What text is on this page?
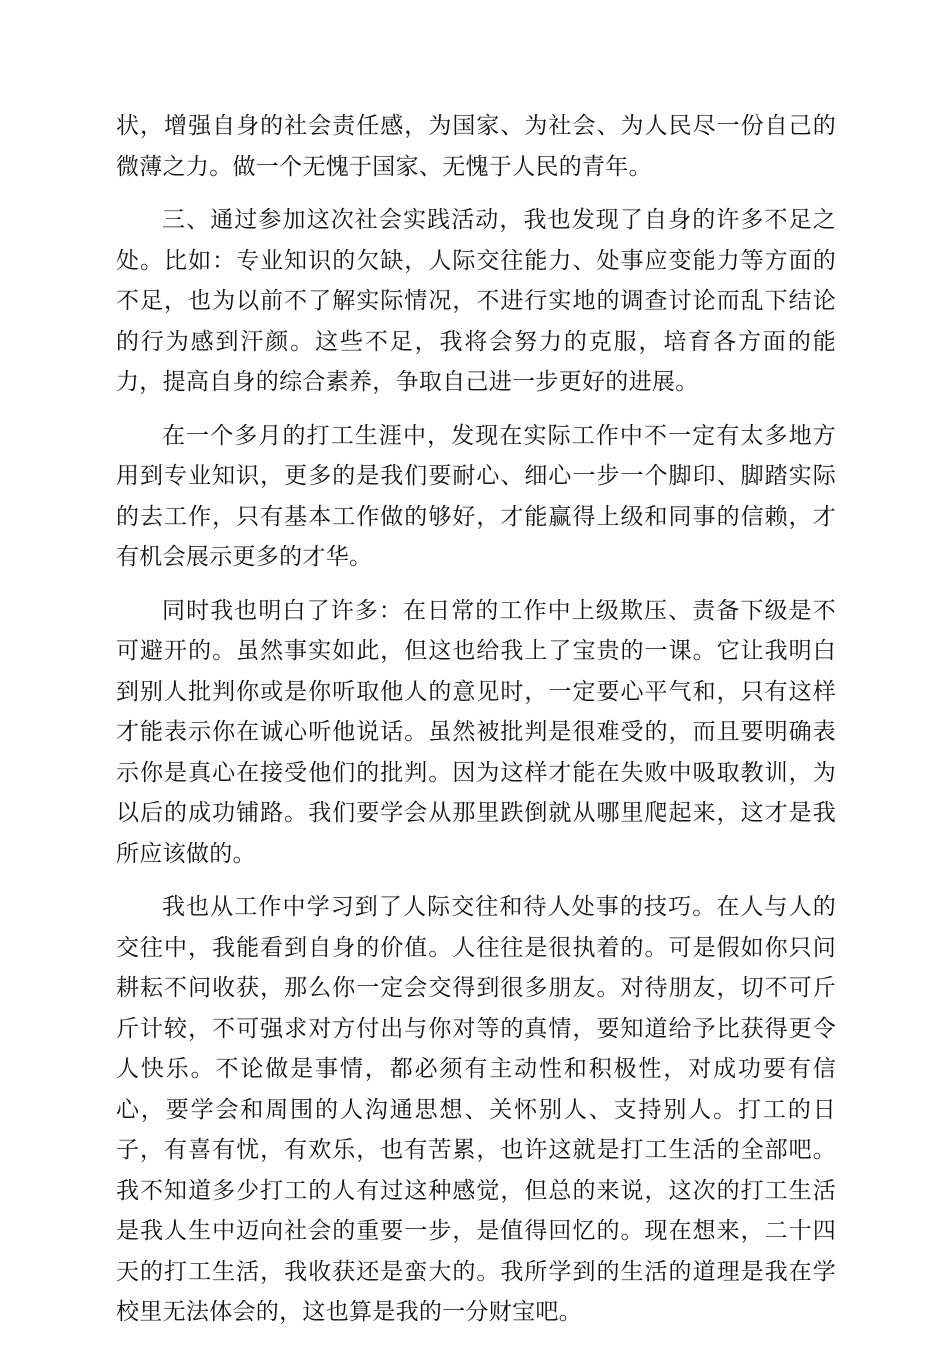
状，增强自身的社会责任感，为国家、为社会、为人民尽一份自己的微薄之力。做一个无愧于国家、无愧于人民的青年。

三、通过参加这次社会实践活动，我也发现了自身的许多不足之处。比如：专业知识的欠缺，人际交往能力、处事应变能力等方面的不足，也为以前不了解实际情况，不进行实地的调查讨论而乱下结论的行为感到汗颜。这些不足，我将会努力的克服，培育各方面的能力，提高自身的综合素养，争取自己进一步更好的进展。

在一个多月的打工生涯中，发现在实际工作中不一定有太多地方用到专业知识，更多的是我们要耐心、细心一步一个脚印、脚踏实际的去工作，只有基本工作做的够好，才能赢得上级和同事的信赖，才有机会展示更多的才华。

同时我也明白了许多：在日常的工作中上级欺压、责备下级是不可避开的。虽然事实如此，但这也给我上了宝贵的一课。它让我明白到别人批判你或是你听取他人的意见时，一定要心平气和，只有这样才能表示你在诚心听他说话。虽然被批判是很难受的，而且要明确表示你是真心在接受他们的批判。因为这样才能在失败中吸取教训，为以后的成功铺路。我们要学会从那里跌倒就从哪里爬起来，这才是我所应该做的。

我也从工作中学习到了人际交往和待人处事的技巧。在人与人的交往中，我能看到自身的价值。人往往是很执着的。可是假如你只问耕耘不问收获，那么你一定会交得到很多朋友。对待朋友，切不可斤斤计较，不可强求对方付出与你对等的真情，要知道给予比获得更令人快乐。不论做是事情，都必须有主动性和积极性，对成功要有信心，要学会和周围的人沟通思想、关怀别人、支持别人。打工的日子，有喜有忧，有欢乐，也有苦累，也许这就是打工生活的全部吧。我不知道多少打工的人有过这种感觉，但总的来说，这次的打工生活是我人生中迈向社会的重要一步，是值得回忆的。现在想来，二十四天的打工生活，我收获还是蛮大的。我所学到的生活的道理是我在学校里无法体会的，这也算是我的一分财宝吧。
